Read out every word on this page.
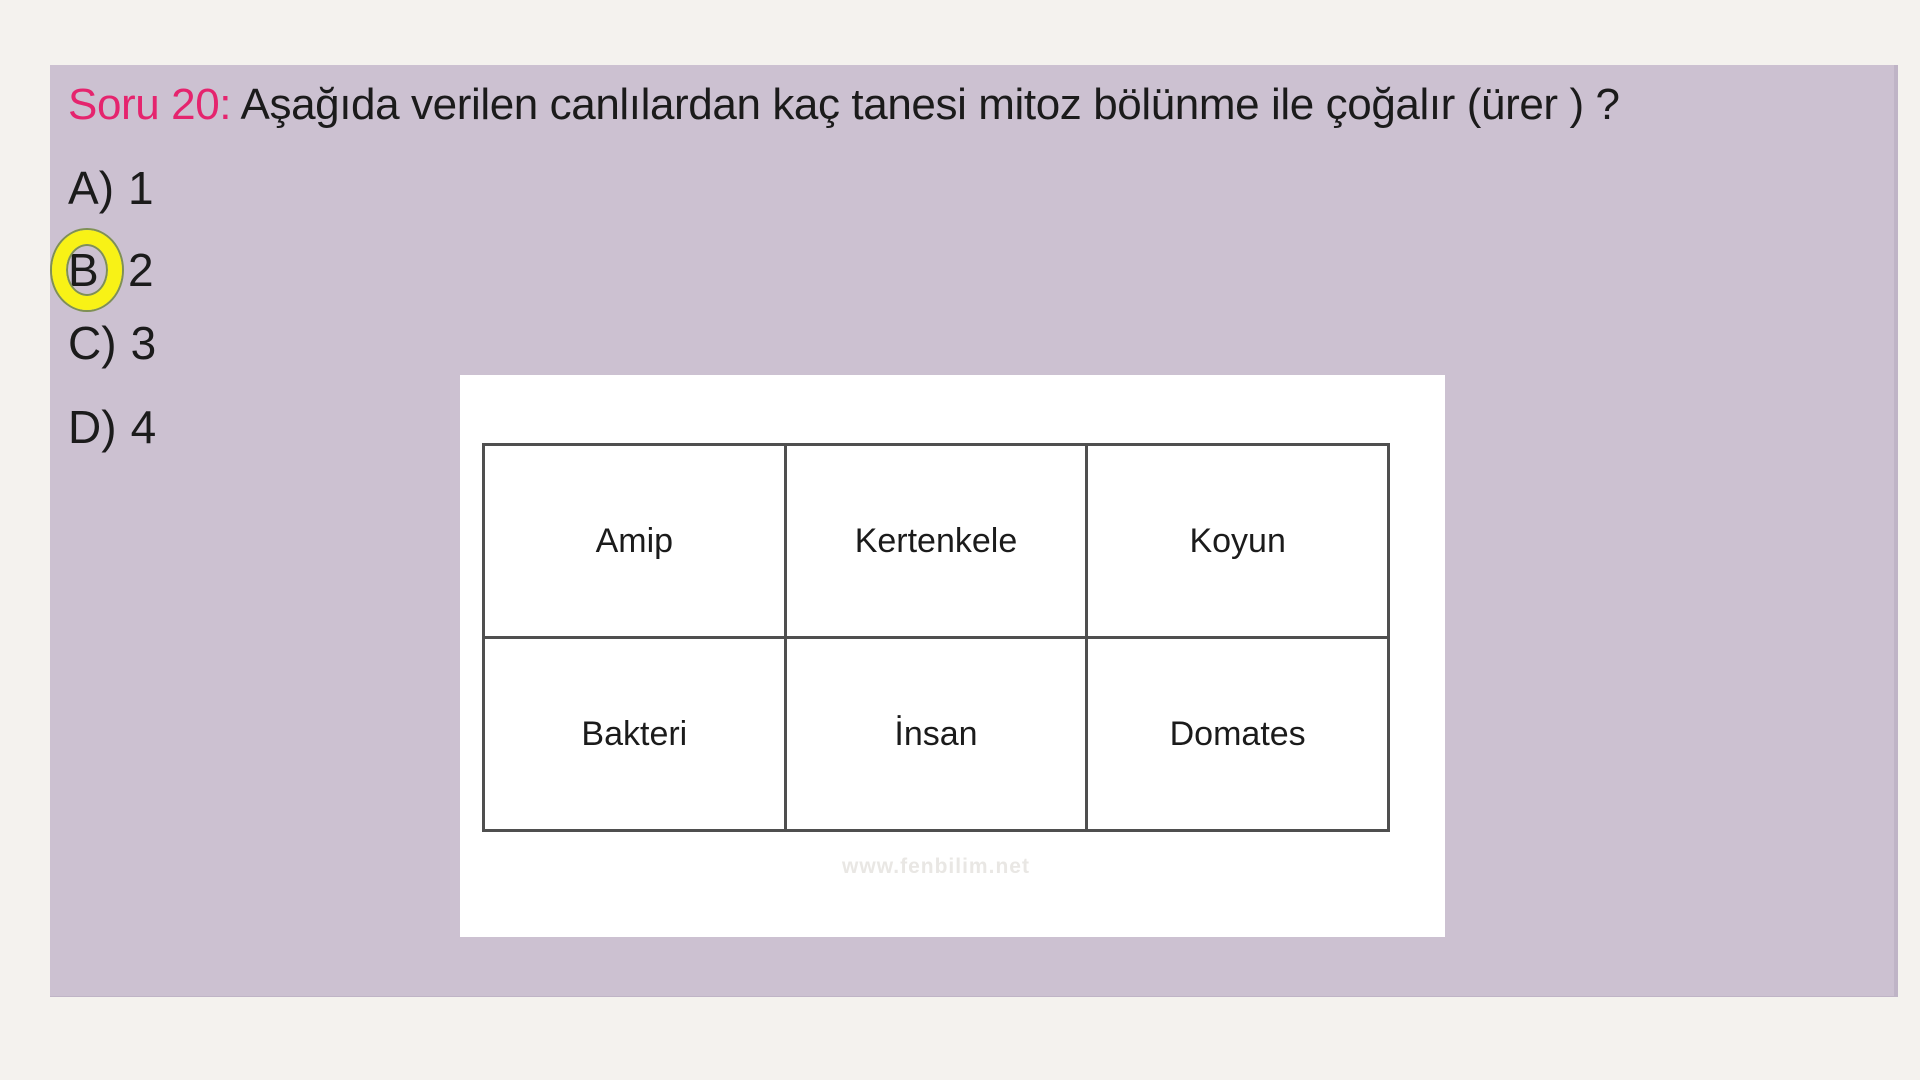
Soru 20: Aşağıda verilen canlılardan kaç tanesi mitoz bölünme ile çoğalır (ürer ) ?
A) 1
B 2
C) 3
D) 4
Amip	Kertenkele	Koyun
Bakteri	İnsan	Domates
www.fenbilim.net
